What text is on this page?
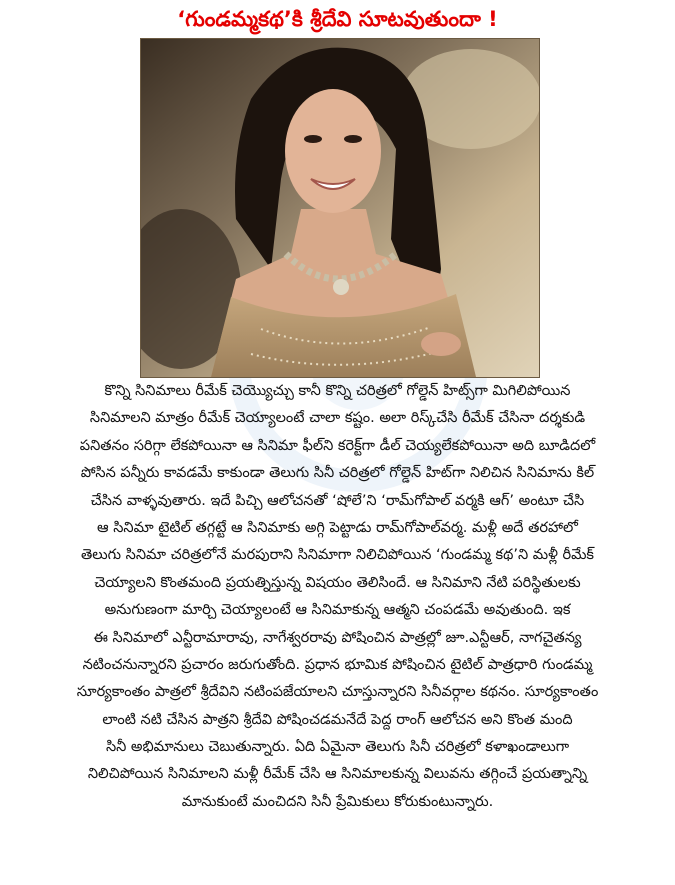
‘గుండమ్మకథ’కి శ్రీదేవి సూటవుతుందా !
కొన్ని సినిమాలు రీమేక్ చెయ్యొచ్చు కానీ కొన్ని చరిత్రలో గోల్డెన్ హిట్స్‌గా మిగిలిపోయిన
సినిమాలని మాత్రం రీమేక్ చెయ్యాలంటే చాలా కష్టం. అలా రిస్క్‌చేసి రీమేక్ చేసినా దర్శకుడి
పనితనం సరిగ్గా లేకపోయినా ఆ సినిమా ఫీల్‌ని కరెక్ట్‌గా డీల్ చెయ్యలేకపోయినా అది బూడిదలో
పోసిన పన్నీరు కావడమే కాకుండా తెలుగు సినీ చరిత్రలో గోల్డెన్ హిట్‌గా నిలిచిన సినిమాను కిల్
చేసిన వాళ్ళవుతారు. ఇదే పిచ్చి ఆలోచనతో ‘షోలే’ని ‘రామ్‌గోపాల్ వర్మకి ఆగ్’ అంటూ చేసి
ఆ సినిమా టైటిల్ తగ్గట్టే ఆ సినిమాకు అగ్గి పెట్టాడు రామ్‌గోపాల్‌వర్మ. మళ్లీ అదే తరహాలో
తెలుగు సినిమా చరిత్రలోనే మరపురాని సినిమాగా నిలిచిపోయిన ‘గుండమ్మ కథ’ని మళ్లీ రీమేక్
చెయ్యాలని కొంతమంది ప్రయత్నిస్తున్న విషయం తెలిసిందే. ఆ సినిమాని నేటి పరిస్థితులకు
అనుగుణంగా మార్చి చెయ్యాలంటే ఆ సినిమాకున్న ఆత్మని చంపడమే అవుతుంది. ఇక
ఈ సినిమాలో ఎన్టీరామారావు, నాగేశ్వరరావు పోషించిన పాత్రల్లో జూ.ఎన్టీఆర్, నాగచైతన్య
నటించనున్నారని ప్రచారం జరుగుతోంది. ప్రధాన భూమిక పోషించిన టైటిల్ పాత్రధారి గుండమ్మ
సూర్యకాంతం పాత్రలో శ్రీదేవిని నటింపజేయాలని చూస్తున్నారని సినీవర్గాల కథనం. సూర్యకాంతం
లాంటి నటి చేసిన పాత్రని శ్రీదేవి పోషించడమనేదే పెద్ద రాంగ్ ఆలోచన అని కొంత మంది
సినీ అభిమానులు చెబుతున్నారు. ఏది ఏమైనా తెలుగు సినీ చరిత్రలో కళాఖండాలుగా
నిలిచిపోయిన సినిమాలని మళ్లీ రీమేక్ చేసి ఆ సినిమాలకున్న విలువను తగ్గించే ప్రయత్నాన్ని
మానుకుంటే మంచిదని సినీ ప్రేమికులు కోరుకుంటున్నారు.
